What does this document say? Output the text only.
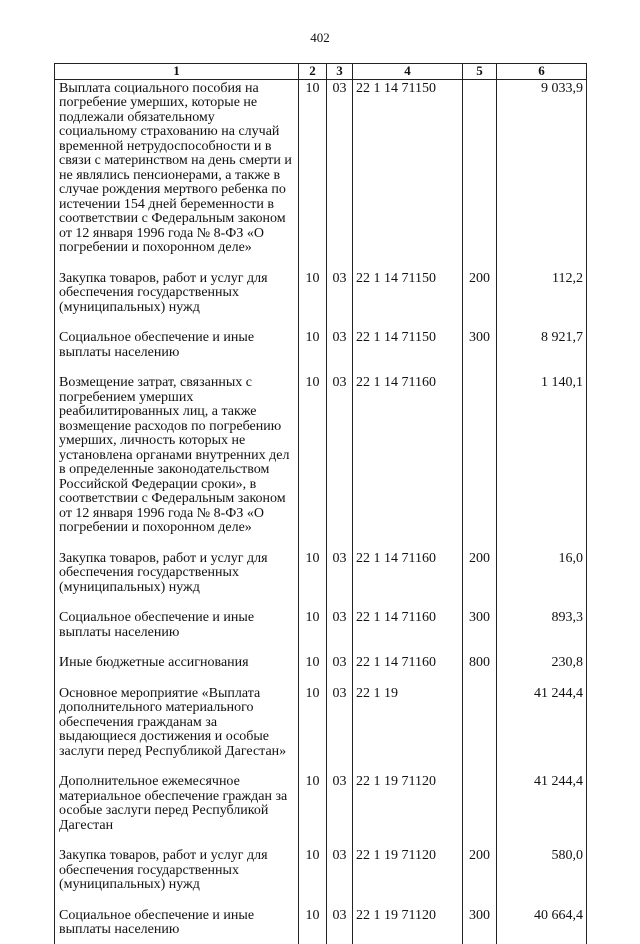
402
1	2	3	4	5	6
Выплата социального пособия на погребение умерших, которые не подлежали обязательному социальному страхованию на случай временной нетрудоспособности и в связи с материнством на день смерти и не являлись пенсионерами, а также в случае рождения мертвого ребенка по истечении 154 дней беременности в соответствии с Федеральным законом от 12 января 1996 года № 8-ФЗ «О погребении и похоронном деле»	10	03	22 1 14 71150		9 033,9
Закупка товаров, работ и услуг для обеспечения государственных (муниципальных) нужд	10	03	22 1 14 71150	200	112,2
Социальное обеспечение и иные выплаты населению	10	03	22 1 14 71150	300	8 921,7
Возмещение затрат, связанных с погребением умерших реабилитированных лиц, а также возмещение расходов по погребению умерших, личность которых не установлена органами внутренних дел в определенные законодательством Российской Федерации сроки», в соответствии с Федеральным законом от 12 января 1996 года № 8-ФЗ «О погребении и похоронном деле»	10	03	22 1 14 71160		1 140,1
Закупка товаров, работ и услуг для обеспечения государственных (муниципальных) нужд	10	03	22 1 14 71160	200	16,0
Социальное обеспечение и иные выплаты населению	10	03	22 1 14 71160	300	893,3
Иные бюджетные ассигнования	10	03	22 1 14 71160	800	230,8
Основное мероприятие «Выплата дополнительного материального обеспечения гражданам за выдающиеся достижения и особые заслуги перед Республикой Дагестан»	10	03	22 1 19		41 244,4
Дополнительное ежемесячное материальное обеспечение граждан за особые заслуги перед Республикой Дагестан	10	03	22 1 19 71120		41 244,4
Закупка товаров, работ и услуг для обеспечения государственных (муниципальных) нужд	10	03	22 1 19 71120	200	580,0
Социальное обеспечение и иные выплаты населению	10	03	22 1 19 71120	300	40 664,4
